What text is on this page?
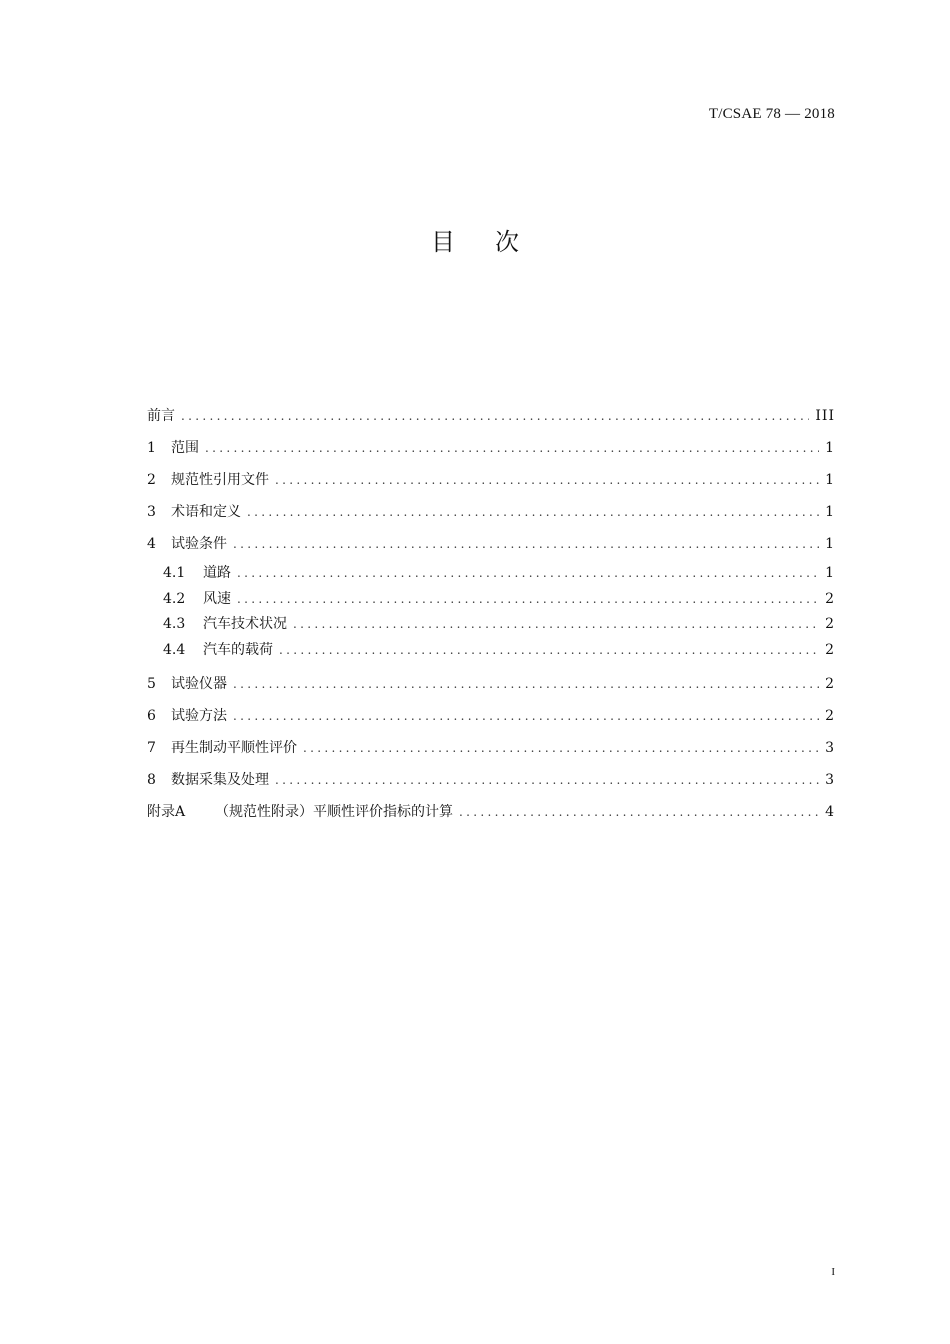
T/CSAE 78 — 2018
目次
前言 .....	III
1	范围 .....	1
2	规范性引用文件 .....	1
3	术语和定义 .....	1
4	试验条件 .....	1
4.1	道路 .....	1
4.2	风速 .....	2
4.3	汽车技术状况 .....	2
4.4	汽车的载荷 .....	2
5	试验仪器 .....	2
6	试验方法 .....	2
7	再生制动平顺性评价 .....	3
8	数据采集及处理 .....	3
附录A	（规范性附录）平顺性评价指标的计算 .....	4
I
